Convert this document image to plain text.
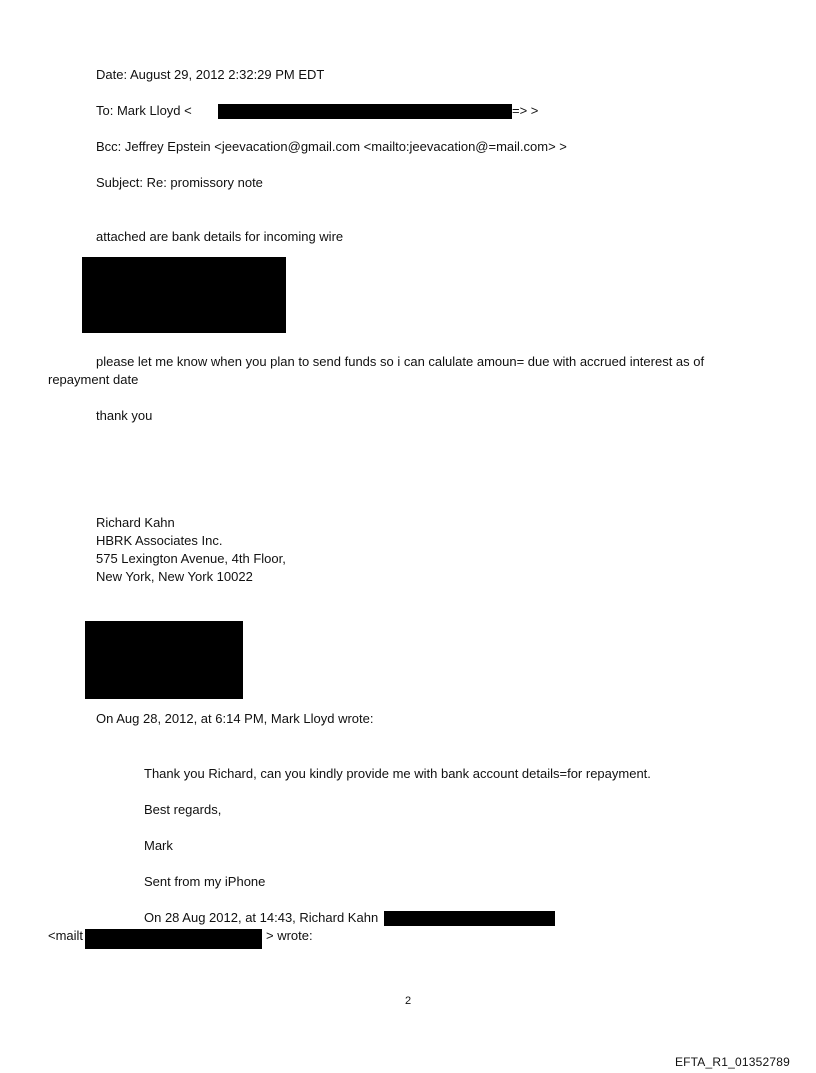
Date: August 29, 2012 2:32:29 PM EDT
To: Mark Lloyd <	=> >
Bcc: Jeffrey Epstein <jeevacation@gmail.com <mailto:jeevacation@=mail.com> >
Subject: Re: promissory note
attached are bank details for incoming wire
please let me know when you plan to send funds so i can calulate amoun= due with accrued interest as of
repayment date
thank you
Richard Kahn
HBRK Associates Inc.
575 Lexington Avenue, 4th Floor,
New York, New York 10022
On Aug 28, 2012, at 6:14 PM, Mark Lloyd wrote:
Thank you Richard, can you kindly provide me with bank account details=for repayment.
Best regards,
Mark
Sent from my iPhone
On 28 Aug 2012, at 14:43, Richard Kahn
<mailt	> wrote:
2
EFTA_R1_01352789
